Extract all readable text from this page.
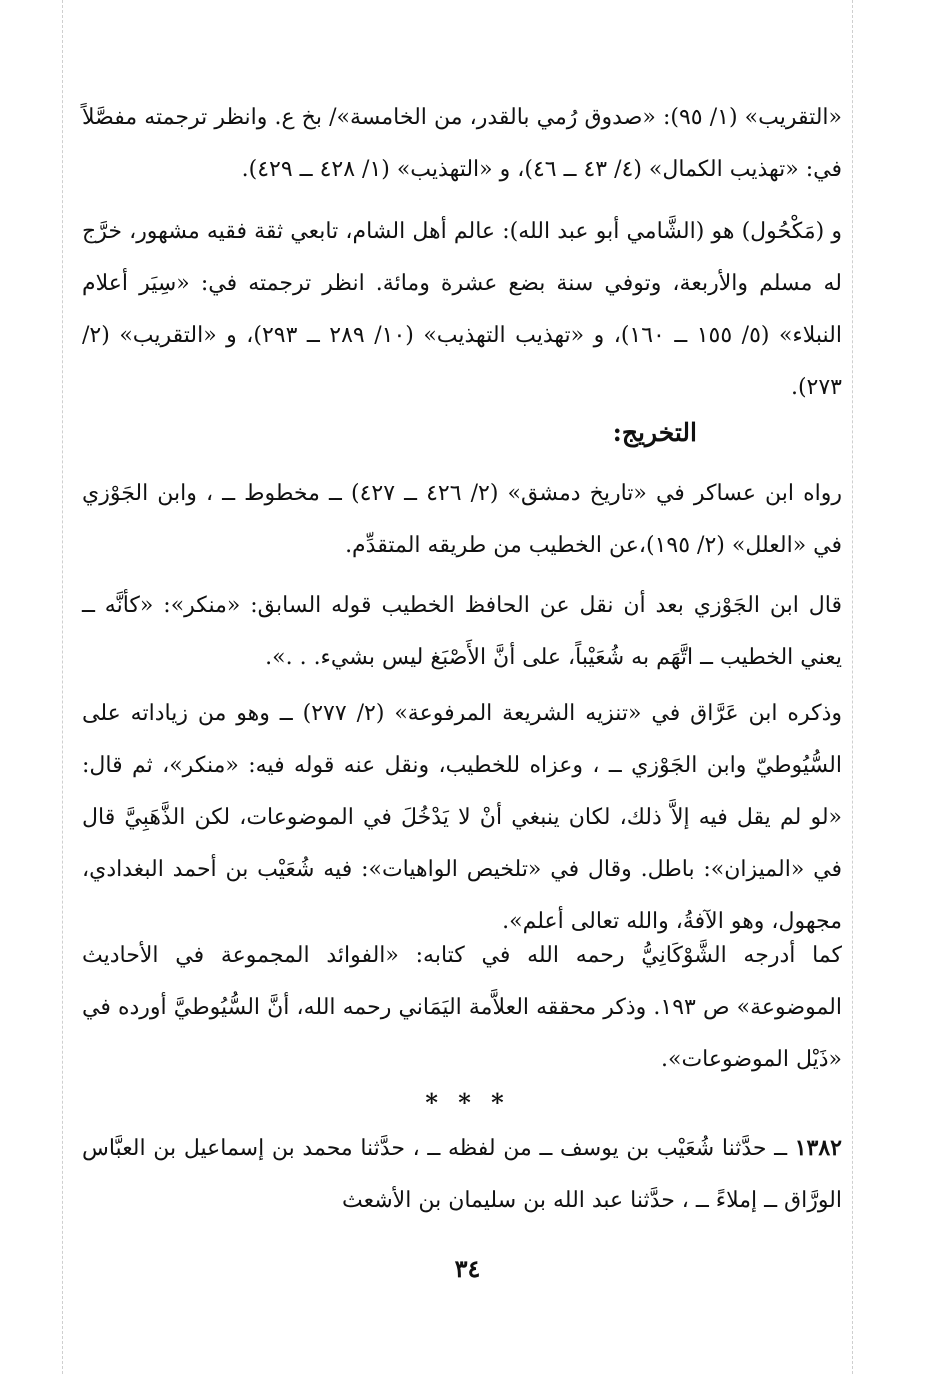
«التقريب» (١/ ٩٥): «صدوق رُمي بالقدر، من الخامسة»/ بخ ع. وانظر ترجمته مفصَّلاً في: «تهذيب الكمال» (٤/ ٤٣ ــ ٤٦)، و «التهذيب» (١/ ٤٢٨ ــ ٤٢٩).

و (مَكْحُول) هو (الشَّامي أبو عبد الله): عالم أهل الشام، تابعي ثقة فقيه مشهور، خرَّج له مسلم والأربعة، وتوفي سنة بضع عشرة ومائة. انظر ترجمته في: «سِيَر أعلام النبلاء» (٥/ ١٥٥ ــ ١٦٠)، و «تهذيب التهذيب» (١٠/ ٢٨٩ ــ ٢٩٣)، و «التقريب» (٢/ ٢٧٣).

التخريج:

رواه ابن عساكر في «تاريخ دمشق» (٢/ ٤٢٦ ــ ٤٢٧) ــ مخطوط ــ ، وابن الجَوْزي في «العلل» (٢/ ١٩٥)،عن الخطيب من طريقه المتقدِّم.

قال ابن الجَوْزي بعد أن نقل عن الحافظ الخطيب قوله السابق: «منكر»: «كأنَّه ــ يعني الخطيب ــ اتَّهَم به شُعَيْباً، على أنَّ الأَصْبَغ ليس بشيء. . .».

وذكره ابن عَرَّاق في «تنزيه الشريعة المرفوعة» (٢/ ٢٧٧) ــ وهو من زياداته على السُّيُوطيّ وابن الجَوْزي ــ ، وعزاه للخطيب، ونقل عنه قوله فيه: «منكر»، ثم قال: «لو لم يقل فيه إلاَّ ذلك، لكان ينبغي أنْ لا يَدْخُلَ في الموضوعات، لكن الذَّهَبِيَّ قال في «الميزان»: باطل. وقال في «تلخيص الواهيات»: فيه شُعَيْب بن أحمد البغدادي، مجهول، وهو الآفةُ، والله تعالى أعلم».

كما أدرجه الشَّوْكَانِيُّ رحمه الله في كتابه: «الفوائد المجموعة في الأحاديث الموضوعة» ص ١٩٣. وذكر محققه العلاَّمة اليَمَاني رحمه الله، أنَّ السُّيُوطيَّ أورده في «ذَيْل الموضوعات».

* * *

١٣٨٢ ــ حدَّثنا شُعَيْب بن يوسف ــ من لفظه ــ ، حدَّثنا محمد بن إسماعيل بن العبَّاس الورَّاق ــ إملاءً ــ ، حدَّثنا عبد الله بن سليمان بن الأشعث

٣٤
